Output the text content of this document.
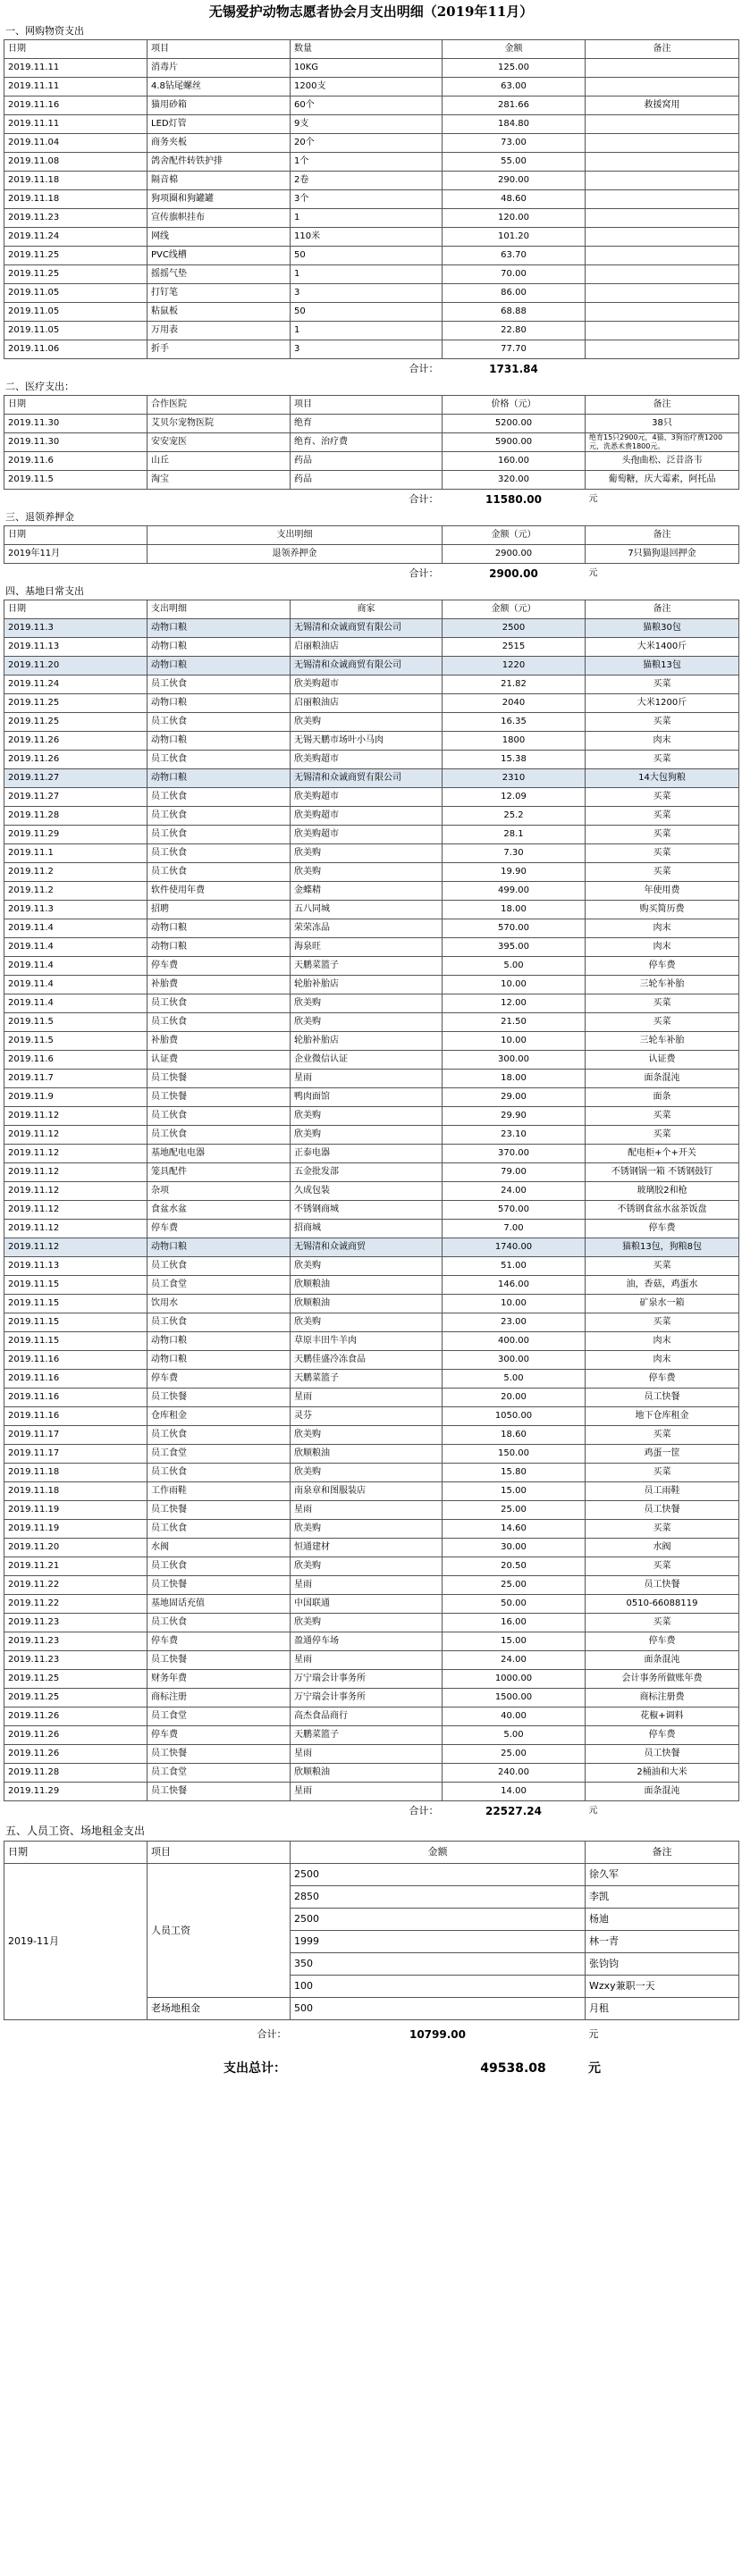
无锡爱护动物志愿者协会月支出明细（2019年11月）
一、网购物资支出
日期	项目	数量	金额	备注
2019.11.11	消毒片	10KG	125.00	
2019.11.11	4.8钻尾螺丝	1200支	63.00	
2019.11.16	猫用砂箱	60个	281.66	救援窝用
2019.11.11	LED灯管	9支	184.80	
2019.11.04	商务夹板	20个	73.00	
2019.11.08	鸽舍配件转铁护排	1个	55.00	
2019.11.18	隔音棉	2卷	290.00	
2019.11.18	狗项圈和狗罐罐	3个	48.60	
2019.11.23	宣传旗帜挂布	1	120.00	
2019.11.24	网线	110米	101.20	
2019.11.25	PVC线槽	50	63.70	
2019.11.25	摇摇气垫	1	70.00	
2019.11.05	打钉笔	3	86.00	
2019.11.05	粘鼠板	50	68.88	
2019.11.05	万用表	1	22.80	
2019.11.06	折手	3	77.70	
		合计：	1731.84	
二、医疗支出：
日期	合作医院	项目	价格（元）	备注
2019.11.30	艾贝尔宠物医院	绝育	5200.00	38只
2019.11.30	安安宠医	绝育、治疗费	5900.00	绝育15只2900元，4猫、3狗治疗费1200元，洗悉术费1800元。
2019.11.6	山丘	药品	160.00	头孢曲松、泛昔洛韦
2019.11.5	淘宝	药品	320.00	葡萄糖，庆大霉素，阿托品
		合计：	11580.00	元
三、退领养押金
日期	支出明细	金额（元）	备注
2019年11月	退领养押金	2900.00	7只猫狗退回押金
	合计：	2900.00	元
四、基地日常支出
日期	支出明细	商家	金额（元）	备注
2019.11.3	动物口粮	无锡清和众诚商贸有限公司	2500	猫粮30包
2019.11.13	动物口粮	启丽粮油店	2515	大米1400斤
2019.11.20	动物口粮	无锡清和众诚商贸有限公司	1220	猫粮13包
2019.11.24	员工伙食	欣美购超市	21.82	买菜
2019.11.25	动物口粮	启丽粮油店	2040	大米1200斤
2019.11.25	员工伙食	欣美购	16.35	买菜
2019.11.26	动物口粮	无锡天鹏市场叶小马肉	1800	肉末
2019.11.26	员工伙食	欣美购超市	15.38	买菜
2019.11.27	动物口粮	无锡清和众诚商贸有限公司	2310	14大包狗粮
2019.11.27	员工伙食	欣美购超市	12.09	买菜
2019.11.28	员工伙食	欣美购超市	25.2	买菜
2019.11.29	员工伙食	欣美购超市	28.1	买菜
2019.11.1	员工伙食	欣美购	7.30	买菜
2019.11.2	员工伙食	欣美购	19.90	买菜
2019.11.2	软件使用年费	金蝶精	499.00	年使用费
2019.11.3	招聘	五八同城	18.00	购买简历费
2019.11.4	动物口粮	荣荣冻品	570.00	肉末
2019.11.4	动物口粮	海泉旺	395.00	肉末
2019.11.4	停车费	天鹏菜篮子	5.00	停车费
2019.11.4	补胎费	轮胎补胎店	10.00	三轮车补胎
2019.11.4	员工伙食	欣美购	12.00	买菜
2019.11.5	员工伙食	欣美购	21.50	买菜
2019.11.5	补胎费	轮胎补胎店	10.00	三轮车补胎
2019.11.6	认证费	企业微信认证	300.00	认证费
2019.11.7	员工快餐	星雨	18.00	面条混沌
2019.11.9	员工快餐	鸭肉面馆	29.00	面条
2019.11.12	员工伙食	欣美购	29.90	买菜
2019.11.12	员工伙食	欣美购	23.10	买菜
2019.11.12	基地配电电器	正泰电器	370.00	配电柜+个+开关
2019.11.12	笼具配件	五金批发部	79.00	不锈钢锅一箱 不锈钢鼓钉
2019.11.12	杂项	久成包装	24.00	玻璃胶2和枪
2019.11.12	食盆水盆	不锈钢商城	570.00	不锈钢食盆水盆茶饭盘
2019.11.12	停车费	招商城	7.00	停车费
2019.11.12	动物口粮	无锡清和众诚商贸	1740.00	猫粮13包，狗粮8包
2019.11.13	员工伙食	欣美购	51.00	买菜
2019.11.15	员工食堂	欣顺粮油	146.00	油，香菇，鸡蛋水
2019.11.15	饮用水	欣顺粮油	10.00	矿泉水一箱
2019.11.15	员工伙食	欣美购	23.00	买菜
2019.11.15	动物口粮	草原丰田牛羊肉	400.00	肉末
2019.11.16	动物口粮	天鹏佳盛冷冻食品	300.00	肉末
2019.11.16	停车费	天鹏菜篮子	5.00	停车费
2019.11.16	员工快餐	星雨	20.00	员工快餐
2019.11.16	仓库租金	灵芬	1050.00	地下仓库租金
2019.11.17	员工伙食	欣美购	18.60	买菜
2019.11.17	员工食堂	欣顺粮油	150.00	鸡蛋一筐
2019.11.18	员工伙食	欣美购	15.80	买菜
2019.11.18	工作雨鞋	南泉章和图服装店	15.00	员工雨鞋
2019.11.19	员工快餐	星雨	25.00	员工快餐
2019.11.19	员工伙食	欣美购	14.60	买菜
2019.11.20	水阀	恒通建材	30.00	水阀
2019.11.21	员工伙食	欣美购	20.50	买菜
2019.11.22	员工快餐	星雨	25.00	员工快餐
2019.11.22	基地固话充值	中国联通	50.00	0510-66088119
2019.11.23	员工伙食	欣美购	16.00	买菜
2019.11.23	停车费	盈通停车场	15.00	停车费
2019.11.23	员工快餐	星雨	24.00	面条混沌
2019.11.25	财务年费	万宁瑞会计事务所	1000.00	会计事务所做账年费
2019.11.25	商标注册	万宁瑞会计事务所	1500.00	商标注册费
2019.11.26	员工食堂	高杰食品商行	40.00	花椒+调料
2019.11.26	停车费	天鹏菜篮子	5.00	停车费
2019.11.26	员工快餐	星雨	25.00	员工快餐
2019.11.28	员工食堂	欣顺粮油	240.00	2桶油和大米
2019.11.29	员工快餐	星雨	14.00	面条混沌
		合计：	22527.24	元
五、人员工资、场地租金支出
日期	项目	金额	备注
2019-11月	人员工资	2500	徐久军
		2850	李凯
		2500	杨迪
		1999	林一青
		350	张钧钧
		100	Wzxy兼职一天
	老场地租金	500	月租
	合计：	10799.00	元
支出总计：		49538.08	元
